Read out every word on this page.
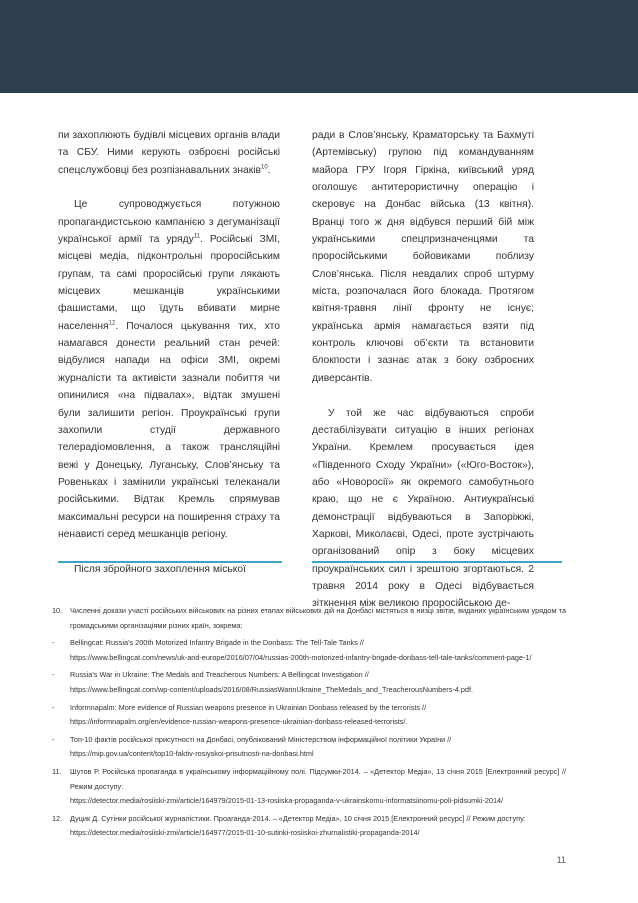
пи захоплюють будівлі місцевих органів влади та СБУ. Ними керують озброєні російські спецслужбовці без розпізнавальних знаків$^{10}$.

Це супроводжується потужною пропагандистською кампанією з дегуманізації української армії та уряду$^{11}$. Російські ЗМІ, місцеві медіа, підконтрольні проросійським групам, та самі проросійські групи лякають місцевих мешканців українськими фашистами, що їдуть вбивати мирне населення$^{12}$. Почалося цькування тих, хто намагався донести реальний стан речей: відбулися напади на офіси ЗМІ, окремі журналісти та активісти зазнали побиття чи опинилися «на підвалах», відтак змушені були залишити регіон. Проукраїнські групи захопили студії державного телерадіомовлення, а також трансляційні вежі у Донецьку, Луганську, Слов’янську та Ровеньках і замінили українські телеканали російськими. Відтак Кремль спрямував максимальні ресурси на поширення страху та ненависті серед мешканців регіону.

Після збройного захоплення міської

ради в Слов’янську, Краматорську та Бахмуті (Артемівську) групою під командуванням майора ГРУ Ігоря Гіркіна, київський уряд оголошує антитерористичну операцію і скеровує на Донбас війська (13 квітня). Вранці того ж дня відбувся перший бій між українськими спецпризначенцями та проросійськими бойовиками поблизу Слов’янська. Після невдалих спроб штурму міста, розпочалася його блокада. Протягом квітня-травня лінії фронту не існує; українська армія намагається взяти під контроль ключові об’єкти та встановити блокпости і зазнає атак з боку озброєних диверсантів.

У той же час відбуваються спроби дестабілізувати ситуацію в інших регіонах України. Кремлем просувається ідея «Південного Сходу України» («Юго-Восток»), або «Новоросії» як окремого самобутнього краю, що не є Україною. Антиукраїнські демонстрації відбуваються в Запоріжжі, Харкові, Миколаєві, Одесі, проте зустрічають організований опір з боку місцевих проукраїнських сил і зрештою згортаються. 2 травня 2014 року в Одесі відбувається зіткнення між великою проросійською де-

10. Численні докази участі російських військових на різних етапах військових дій на Донбасі містяться в низці звітів, виданих українським урядом та громадськими організаціями різних країн, зокрема:
- Bellingcat: Russia’s 200th Motorized Infantry Brigade in the Donbass: The Tell-Tale Tanks //
https://www.bellingcat.com/news/uk-and-europe/2016/07/04/russias-200th-motorized-infantry-brigade-donbass-tell-tale-tanks/comment-page-1/
- Russia’s War in Ukraine: The Medals and Treacherous Numbers: A Bellingcat Investigation //
https://www.bellingcat.com/wp-content/uploads/2016/08/RussiasWarinUkraine_TheMedals_and_TreacherousNumbers-4.pdf.
- Informnapalm: More evidence of Russian weapons presence in Ukrainian Donbass released by the terrorists //
https://informnapalm.org/en/evidence-russian-weapons-presence-ukrainian-donbass-released-terrorists/.
- Топ-10 фактів російської присутності на Донбасі, опублікований Міністерством інформаційної політики України //
https://mip.gov.ua/content/top10-faktiv-rosiyskoi-prisutnosti-na-donbasi.html
11. Шутов Р. Російська пропаганда в українському інформаційному полі. Підсумки-2014. – «Детектор Медіа», 13 січня 2015 [Електронний ресурс] // Режим доступу:
https://detector.media/rosiiski-zmi/article/164979/2015-01-13-rosiiska-propaganda-v-ukrainskomu-informatsiinomu-poli-pidsumki-2014/
12. Дуцик Д. Сутінки російської журналістики. Проаганда-2014. – «Детектор Медіа», 10 січня 2015 [Електронний ресурс] // Режим доступу:
https://detector.media/rosiiski-zmi/article/164977/2015-01-10-sutinki-rosiiskoi-zhurnalistiki-propaganda-2014/
11
